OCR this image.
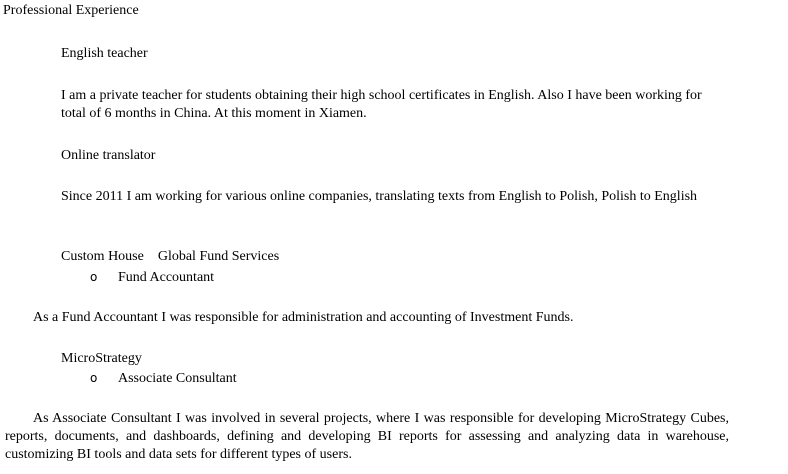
Professional Experience

English teacher

I am a private teacher for students obtaining their high school certificates in English. Also I have been working for total of 6 months in China. At this moment in Xiamen.

Online translator

Since 2011 I am working for various online companies, translating texts from English to Polish, Polish to English

Custom House Global Fund Services

o Fund Accountant

As a Fund Accountant I was responsible for administration and accounting of Investment Funds.

MicroStrategy

o Associate Consultant

As Associate Consultant I was involved in several projects, where I was responsible for developing MicroStrategy Cubes, reports, documents, and dashboards, defining and developing BI reports for assessing and analyzing data in warehouse, customizing BI tools and data sets for different types of users.
